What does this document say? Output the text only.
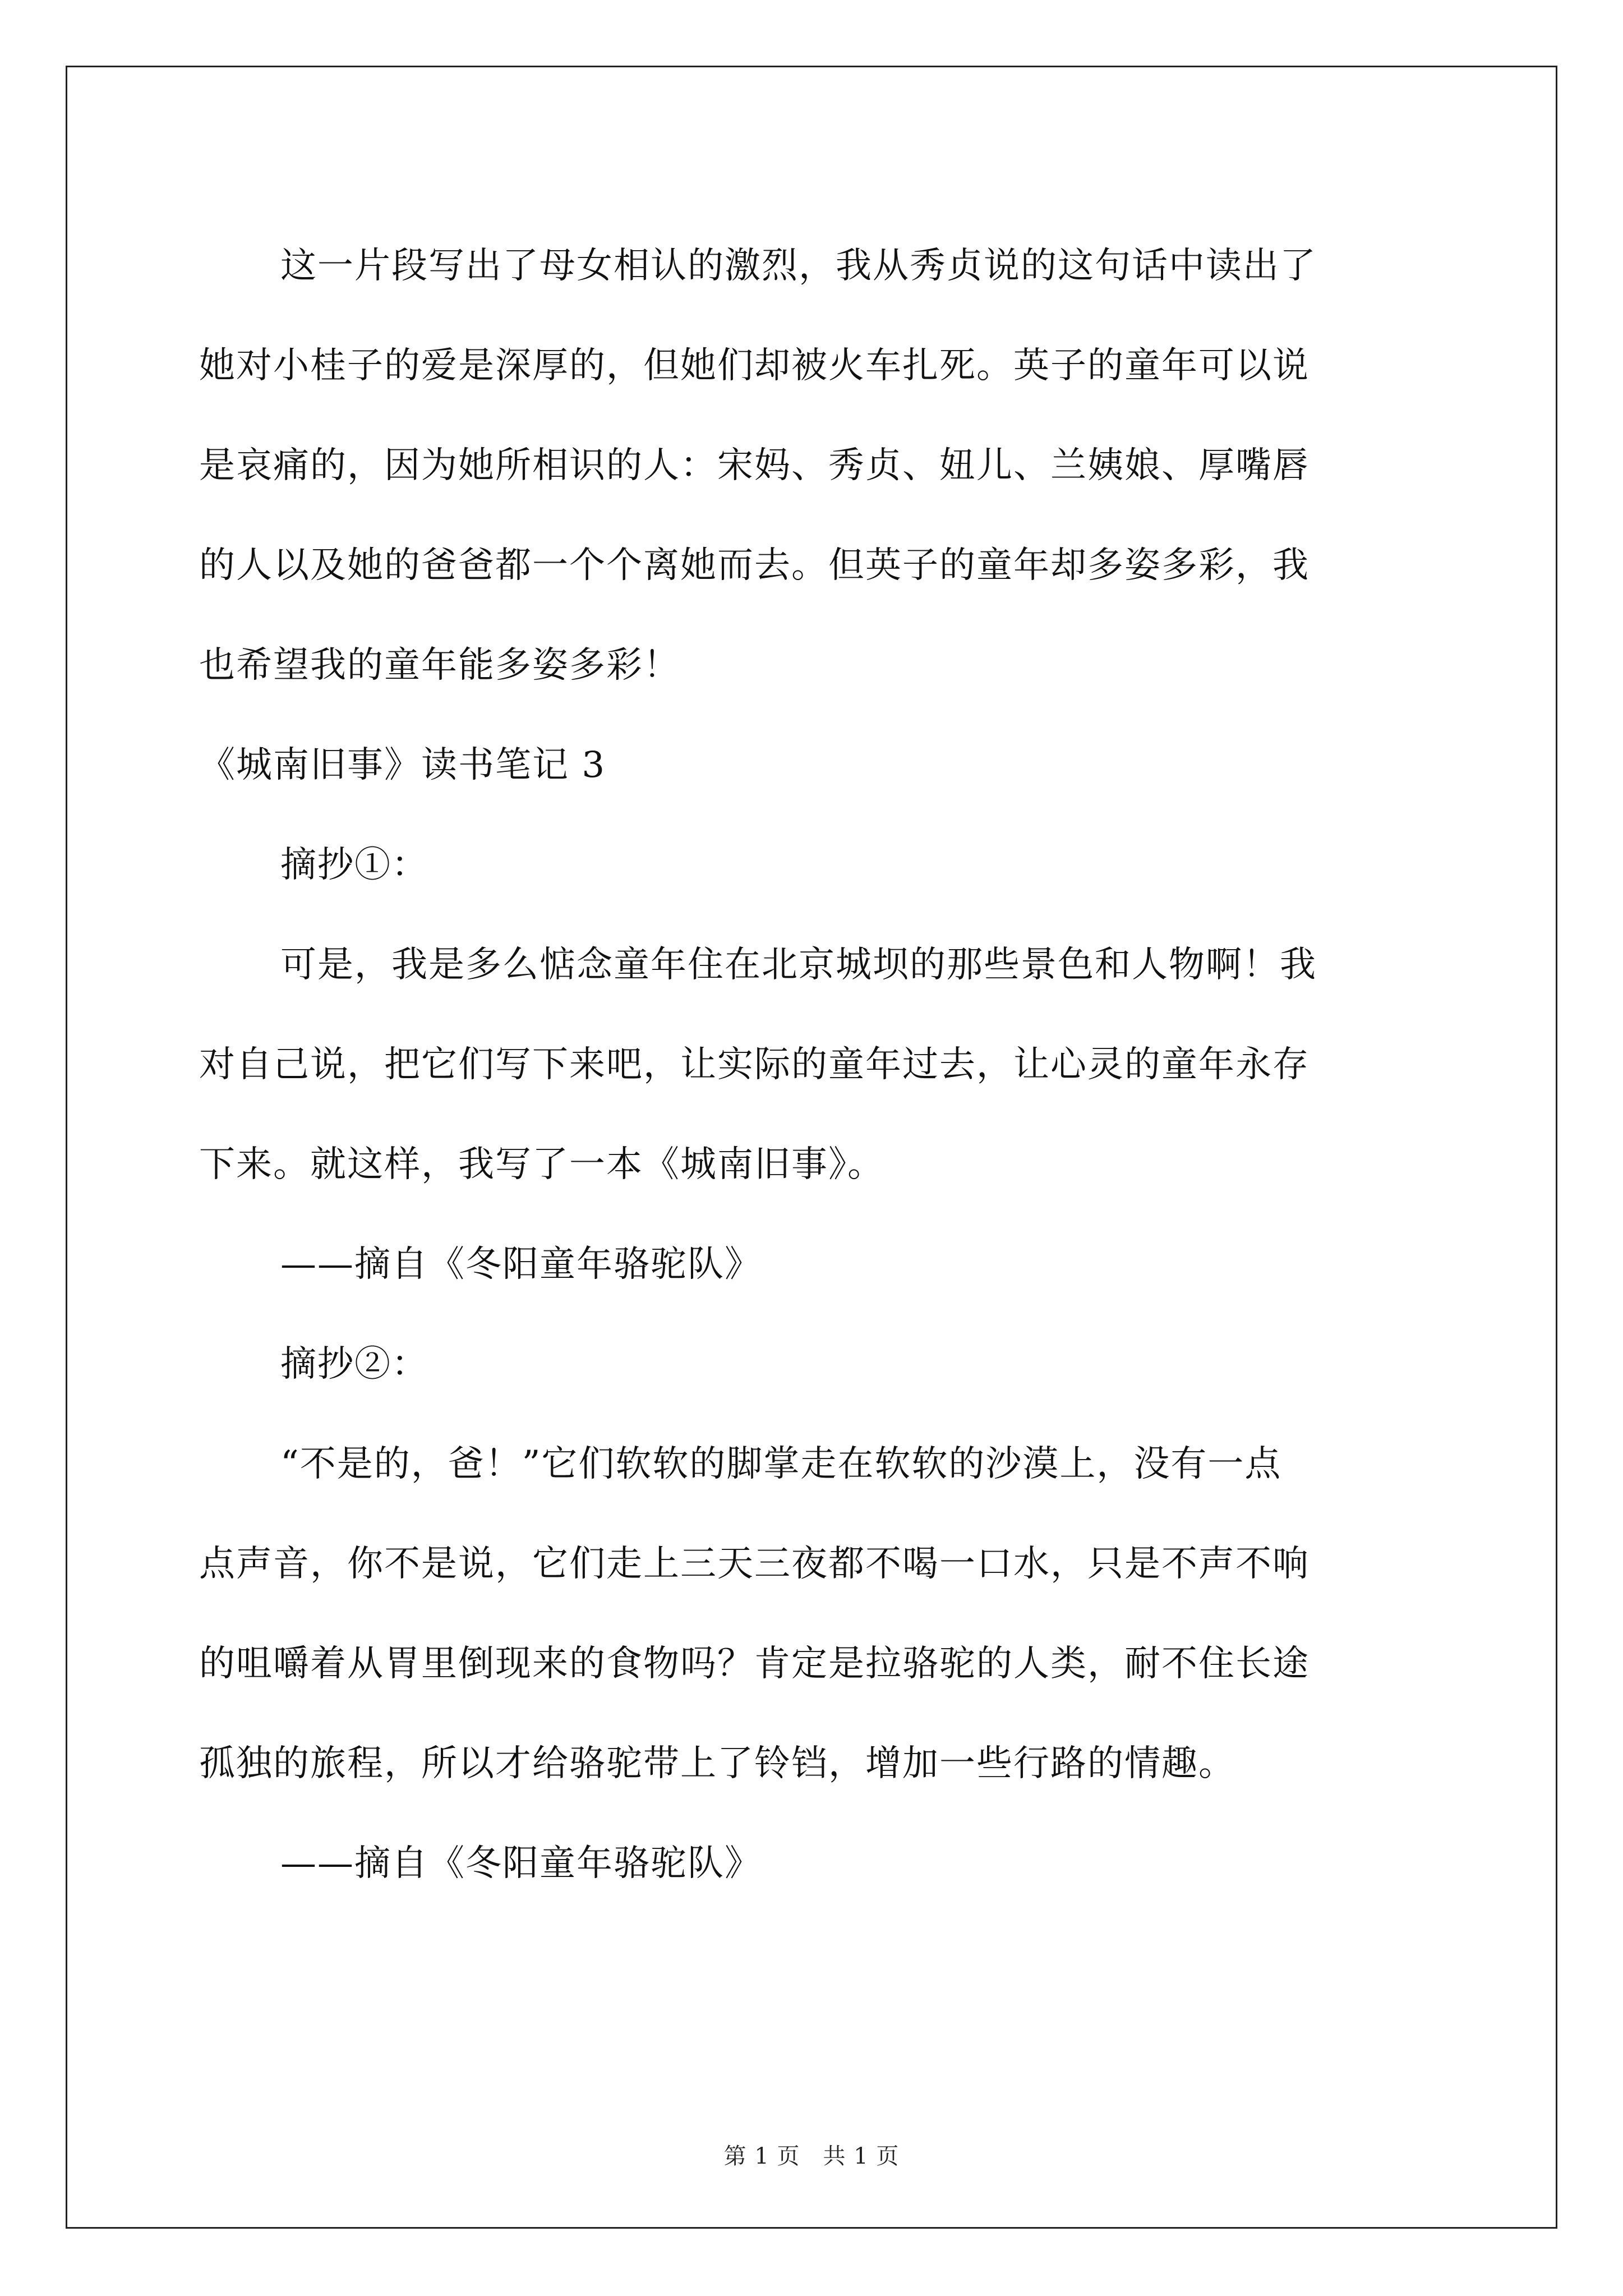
这一片段写出了母女相认的激烈，我从秀贞说的这句话中读出了
她对小桂子的爱是深厚的，但她们却被火车扎死。英子的童年可以说
是哀痛的，因为她所相识的人：宋妈、秀贞、妞儿、兰姨娘、厚嘴唇
的人以及她的爸爸都一个个离她而去。但英子的童年却多姿多彩，我
也希望我的童年能多姿多彩！
《城南旧事》读书笔记 3
摘抄①：
可是，我是多么惦念童年住在北京城坝的那些景色和人物啊！我
对自己说，把它们写下来吧，让实际的童年过去，让心灵的童年永存
下来。就这样，我写了一本《城南旧事》。
——摘自《冬阳童年骆驼队》
摘抄②：
“不是的，爸！”它们软软的脚掌走在软软的沙漠上，没有一点
点声音，你不是说，它们走上三天三夜都不喝一口水，只是不声不响
的咀嚼着从胃里倒现来的食物吗？肯定是拉骆驼的人类，耐不住长途
孤独的旅程，所以才给骆驼带上了铃铛，增加一些行路的情趣。
——摘自《冬阳童年骆驼队》
第 1 页　共 1 页
